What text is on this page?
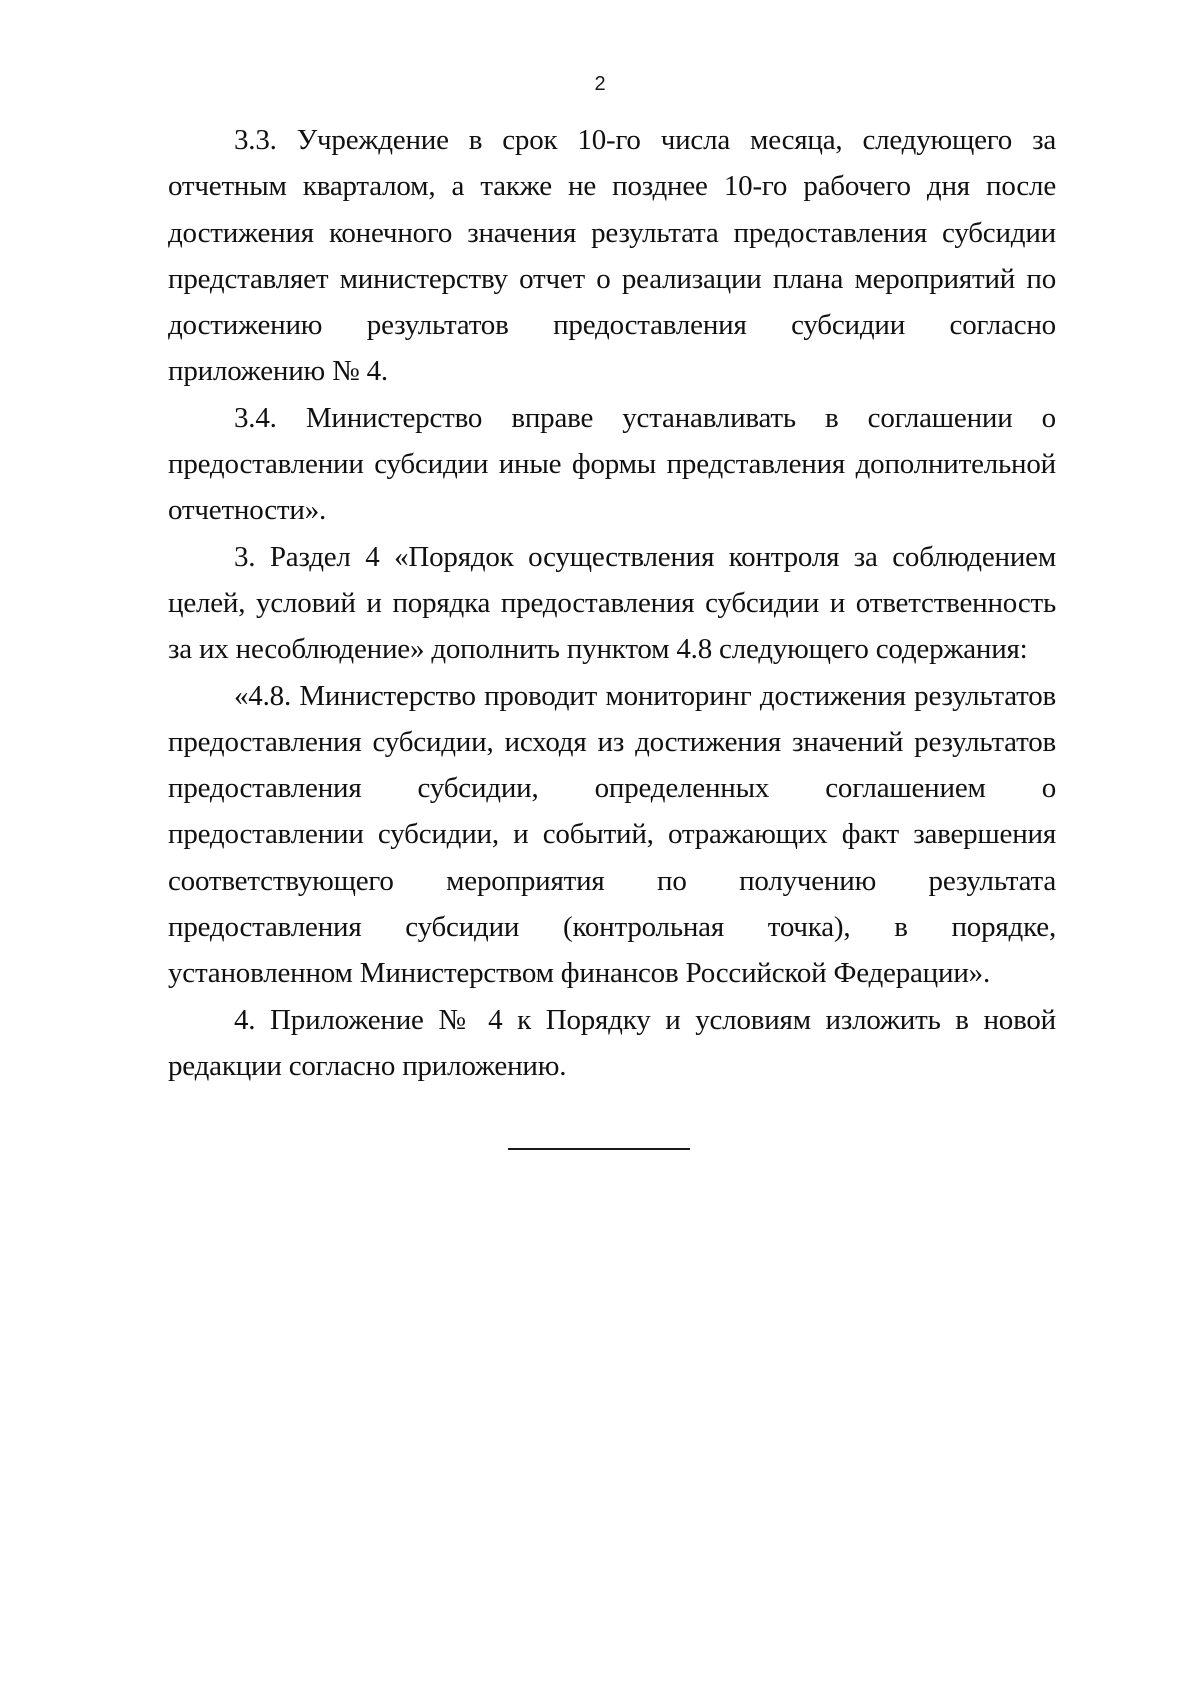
2

3.3. Учреждение в срок 10-го числа месяца, следующего за отчетным кварталом, а также не позднее 10-го рабочего дня после достижения конечного значения результата предоставления субсидии представляет министерству отчет о реализации плана мероприятий по достижению результатов предоставления субсидии согласно приложению № 4.

3.4. Министерство вправе устанавливать в соглашении о предоставлении субсидии иные формы представления дополнительной отчетности».

3. Раздел 4 «Порядок осуществления контроля за соблюдением целей, условий и порядка предоставления субсидии и ответственность за их несоблюдение» дополнить пунктом 4.8 следующего содержания:

«4.8. Министерство проводит мониторинг достижения результатов предоставления субсидии, исходя из достижения значений результатов предоставления субсидии, определенных соглашением о предоставлении субсидии, и событий, отражающих факт завершения соответствующего мероприятия по получению результата предоставления субсидии (контрольная точка), в порядке, установленном Министерством финансов Российской Федерации».

4. Приложение № 4 к Порядку и условиям изложить в новой редакции согласно приложению.
